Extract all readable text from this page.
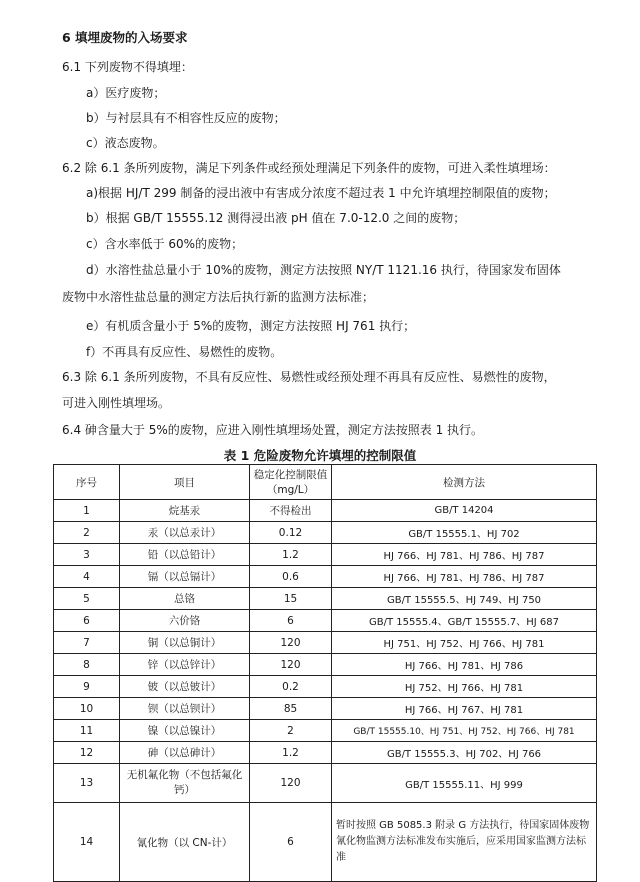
6 填埋废物的入场要求
6.1 下列废物不得填埋：
a）医疗废物；
b）与衬层具有不相容性反应的废物；
c）液态废物。
6.2 除 6.1 条所列废物，满足下列条件或经预处理满足下列条件的废物，可进入柔性填埋场：
a)根据 HJ/T 299 制备的浸出液中有害成分浓度不超过表 1 中允许填埋控制限值的废物；
b）根据 GB/T 15555.12 测得浸出液 pH 值在 7.0-12.0 之间的废物；
c）含水率低于 60%的废物；
d）水溶性盐总量小于 10%的废物，测定方法按照 NY/T 1121.16 执行，待国家发布固体
废物中水溶性盐总量的测定方法后执行新的监测方法标准；
e）有机质含量小于 5%的废物，测定方法按照 HJ 761 执行；
f）不再具有反应性、易燃性的废物。
6.3 除 6.1 条所列废物，不具有反应性、易燃性或经预处理不再具有反应性、易燃性的废物，
可进入刚性填埋场。
6.4 砷含量大于 5%的废物，应进入刚性填埋场处置，测定方法按照表 1 执行。
表 1 危险废物允许填埋的控制限值
序号	项目	稳定化控制限值（mg/L）	检测方法
1	烷基汞	不得检出	GB/T 14204
2	汞（以总汞计）	0.12	GB/T 15555.1、HJ 702
3	铅（以总铅计）	1.2	HJ 766、HJ 781、HJ 786、HJ 787
4	镉（以总镉计）	0.6	HJ 766、HJ 781、HJ 786、HJ 787
5	总铬	15	GB/T 15555.5、HJ 749、HJ 750
6	六价铬	6	GB/T 15555.4、GB/T 15555.7、HJ 687
7	铜（以总铜计）	120	HJ 751、HJ 752、HJ 766、HJ 781
8	锌（以总锌计）	120	HJ 766、HJ 781、HJ 786
9	铍（以总铍计）	0.2	HJ 752、HJ 766、HJ 781
10	钡（以总钡计）	85	HJ 766、HJ 767、HJ 781
11	镍（以总镍计）	2	GB/T 15555.10、HJ 751、HJ 752、HJ 766、HJ 781
12	砷（以总砷计）	1.2	GB/T 15555.3、HJ 702、HJ 766
13	无机氟化物（不包括氟化钙）	120	GB/T 15555.11、HJ 999
14	氰化物（以 CN-计）	6	暂时按照 GB 5085.3 附录 G 方法执行，待国家固体废物氰化物监测方法标准发布实施后，应采用国家监测方法标准
